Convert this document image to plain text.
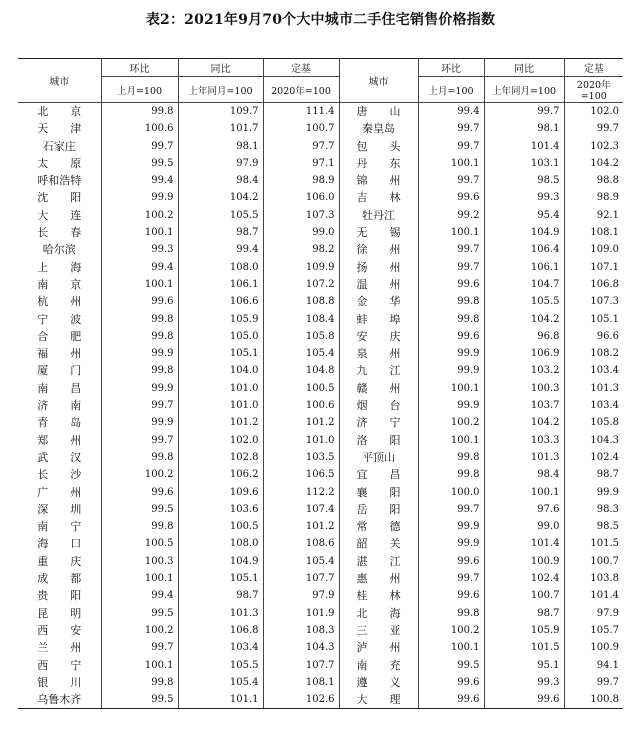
表2：2021年9月70个大中城市二手住宅销售价格指数
城市	环比	同比	定基	城市	环比	同比	定基
	上月=100	上年同月=100	2020年=100		上月=100	上年同月=100	2020年=100
北　　京	99.8	109.7	111.4	唐　　山	99.4	99.7	102.0
天　　津	100.6	101.7	100.7	秦皇岛	99.7	98.1	99.7
石家庄	99.7	98.1	97.7	包　　头	99.7	101.4	102.3
太　　原	99.5	97.9	97.1	丹　　东	100.1	103.1	104.2
呼和浩特	99.4	98.4	98.9	锦　　州	99.7	98.5	98.8
沈　　阳	99.9	104.2	106.0	吉　　林	99.6	99.3	98.9
大　　连	100.2	105.5	107.3	牡丹江	99.2	95.4	92.1
长　　春	100.1	98.7	99.0	无　　锡	100.1	104.9	108.1
哈尔滨	99.3	99.4	98.2	徐　　州	99.7	106.4	109.0
上　　海	99.4	108.0	109.9	扬　　州	99.7	106.1	107.1
南　　京	100.1	106.1	107.2	温　　州	99.6	104.7	106.8
杭　　州	99.6	106.6	108.8	金　　华	99.8	105.5	107.3
宁　　波	99.8	105.9	108.4	蚌　　埠	99.8	104.2	105.1
合　　肥	99.8	105.0	105.8	安　　庆	99.6	96.8	96.6
福　　州	99.9	105.1	105.4	泉　　州	99.9	106.9	108.2
厦　　门	99.8	104.0	104.8	九　　江	99.9	103.2	103.4
南　　昌	99.9	101.0	100.5	赣　　州	100.1	100.3	101.3
济　　南	99.7	101.0	100.6	烟　　台	99.9	103.7	103.4
青　　岛	99.9	101.2	101.2	济　　宁	100.2	104.2	105.8
郑　　州	99.7	102.0	101.0	洛　　阳	100.1	103.3	104.3
武　　汉	99.8	102.8	103.5	平顶山	99.8	101.3	102.4
长　　沙	100.2	106.2	106.5	宜　　昌	99.8	98.4	98.7
广　　州	99.6	109.6	112.2	襄　　阳	100.0	100.1	99.9
深　　圳	99.5	103.6	107.4	岳　　阳	99.7	97.6	98.3
南　　宁	99.8	100.5	101.2	常　　德	99.9	99.0	98.5
海　　口	100.5	108.0	108.6	韶　　关	99.9	101.4	101.5
重　　庆	100.3	104.9	105.4	湛　　江	99.6	100.9	100.7
成　　都	100.1	105.1	107.7	惠　　州	99.7	102.4	103.8
贵　　阳	99.4	98.7	97.9	桂　　林	99.6	100.7	101.4
昆　　明	99.5	101.3	101.9	北　　海	99.8	98.7	97.9
西　　安	100.2	106.8	108.3	三　　亚	100.2	105.9	105.7
兰　　州	99.7	103.4	104.3	泸　　州	100.1	101.5	100.9
西　　宁	100.1	105.5	107.7	南　　充	99.5	95.1	94.1
银　　川	99.8	105.4	108.1	遵　　义	99.6	99.3	99.7
乌鲁木齐	99.5	101.1	102.6	大　　理	99.6	99.6	100.8
